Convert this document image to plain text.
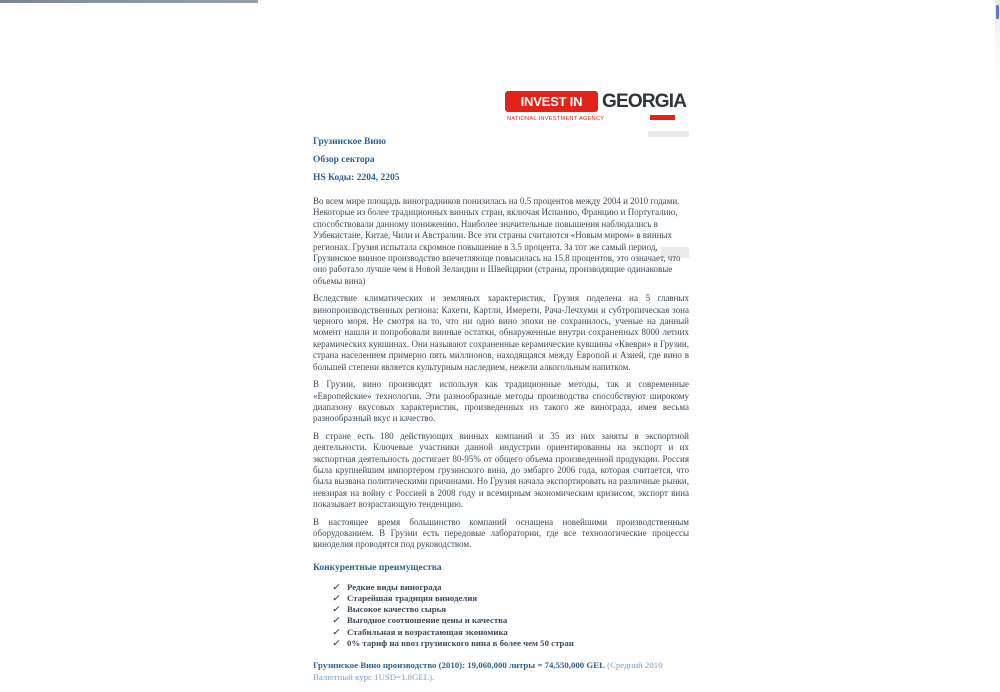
INVEST IN GEORGIA
NATIONAL INVESTMENT AGENCY
Грузинское Вино
Обзор сектора
HS Коды: 2204, 2205

Во всем мире площадь виноградников понизилась на 0.5 процентов между 2004 и 2010 годами. Некоторые из более традиционных винных стран, включая Испанию, Францию и Португалию, способствовали данному понижению. Наиболее значительные повышения наблюдались в Узбекистане, Китае, Чили и Австралии. Все эти страны считаются «Новым миром» в винных регионах. Грузия испытала скромное повышение в 3.5 процента. За тот же самый период, Грузинское винное производство впечетляюще повысилась на 15.8 процентов, это означает, что оно работало лучше чем в Новой Зеландии и Швейцарии (страны, производящие одинаковые объемы вина)

Вследствие климатических и земляных характеристик, Грузия поделена на 5 главных винопроизводственных региона: Кахети, Картли, Имерети, Рача-Лечхуми и субтропическая зона черного моря. Не смотря на то, что ни одно вино эпохи не сохранилось, ученые на данный момент нашли и попробовали винные остатки, обнаруженные внутри сохраненных 8000 летних керамических кувшинах. Они называют сохраненные керамические кувшины «Квеври» в Грузии, страна населением примерно пять миллионов, находящаяся между Европой и Азией, где вино в большей степени является культурным наследием, нежели алкогольным напитком.

В Грузии, вино производят используя как традиционные методы, так и современные «Европейские» технологии. Эти разнообразные методы производства способствуют широкому диапазону вкусовых характеристик, произведенных из такого же винограда, имея весьма разнообразный вкус и качество.

В стране есть 180 действующих винных компаний и 35 из них заняты в экспортной деятельности. Ключевые участники данной индустрии ориентированны на экспорт и их экспортная деятельность достигает 80-95% от общего объема произведенной продукции. Россия была крупнейшим импортером грузинского вина, до эмбарго 2006 года, которая считается, что была вызвана политическими причинами. Но Грузия начала экспортировать на различные рынки, невзирая на войну с Россией в 2008 году и всемирным экономическим кризисом, экспорт вина показывает возрастающую тенденцию.

В настоящее время большинство компаний оснащена новейшими производственным оборудованием. В Грузии есть передовые лаборатории, где все технологические процессы виноделия проводятся под руководством.

Конкурентные преимущества
✓ Редкие виды винограда
✓ Старейшая традиция виноделия
✓ Высокое качество сырья
✓ Выгодное соотношение цены и качества
✓ Стабильная и возрастающая экономика
✓ 0% тариф на ввоз грузинского вина в более чем 50 стран

Грузинское Вино производство (2010): 19,060,000 литры = 74,550,000 GEL (Средний 2010 Валютный курс 1USD=1.8GEL).
